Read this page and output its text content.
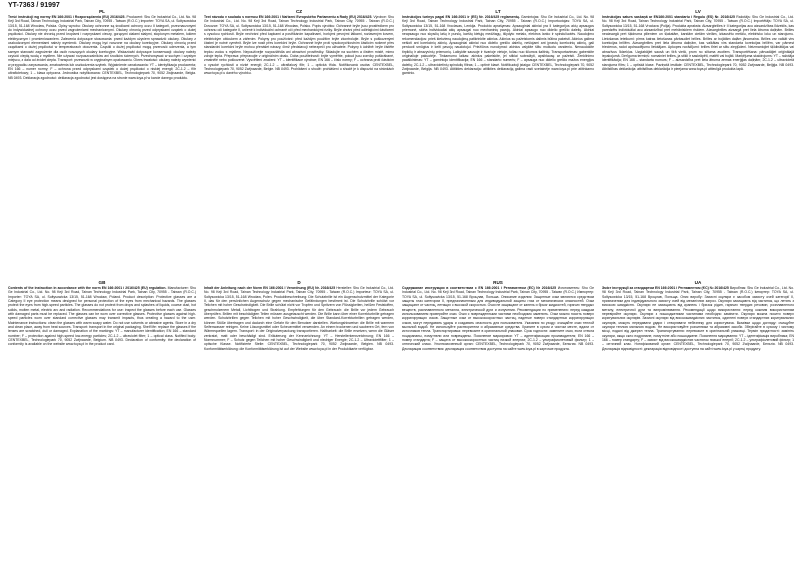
YT-7363 / 91997
PL
Treść instrukcji wg normy EN 166:2001 i Rozporządzenia (EU) 2016/425. Producent: Shu Ge Industrial Co., Ltd. No. 98 Keji 3rd Road, Tainan Technology Industrial Park, Tainan City, 70955 - Taiwan (R.O.C.) Importer: TOYA SA, ul. Sołtysowicka 13/15, 51-168 Wrocław, Polska. Opisy wyrobu: Okulary ochronne są środkami ochrony oczu II kategorii, przeznaczonymi do indywidualnej ochrony oczu przed zagrożeniami mechanicznymi. Okulary chronią przed odpryskami cząstek o dużej prędkości. Okulary nie chronią przed kroplami i rozpryskami cieczy, gorącymi ciałami stałymi, stopionym metalem, łukiem elektrycznym i promieniowaniem. Zalecenia dotyczące stosowania: przed każdym użyciem sprawdzić okulary. Okulary z uszkodzonymi elementami należy wymienić. Okulary mogą być noszone na okulary korekcyjne. Okulary chronią przed cząstkami o dużej prędkości w temperaturach otoczenia. Cząstki o dużej prędkości mogą przenosić uderzenia, a tym samym stanowić zagrożenie dla osób noszących okulary korekcyjne. Wskazówki dotyczące konserwacji: okulary należy czyścić ciepłą wodą z mydłem. Nie używać rozpuszczalników ani środków ściernych. Przechowywać w suchym i czystym miejscu, z dala od źródeł ciepła. Transport: przewozić w oryginalnym opakowaniu. Okres trwałości: okulary należy wymienić w przypadku zarysowania, zmatowienia lub uszkodzenia szybek. Wyjaśnienie oznakowania: YT – identyfikacja producenta; EN 166 – numer normy; F – ochrona przed odpryskami cząstek o dużej prędkości o niskiej energii; 2C-1.2 – filtr ultrafioletowy; 1 – klasa optyczna. Jednostka notyfikowana: CENTEXBEL, Technologiepark 70, 9052 Zwijnaarde, Belgia. NB 0493. Deklaracja zgodności: deklaracja zgodności jest dostępna na stronie www.toya.pl w karcie danego produktu.
CZ
Text návodu v souladu s normou EN 166:2001 i Nařízení Evropského Parlamentu a Rady (EU) 2016/425. Výrobce: Shu Ge Industrial Co., Ltd. No. 98 Keji 3rd Road, Tainan Technology Industrial Park, Tainan City, 70955 - Taiwan (R.O.C.) Dovozce: TOYA SA, ul. Sołtysowicka 13/15, 51-168 Wrocław, Polsko. Popis výrobku: Ochranné brýle jsou prostředkem pro ochranu očí kategorie II, určené k individuální ochraně očí před mechanickými riziky. Brýle chrání před odlétajícími částicemi s vysokou rychlostí. Brýle nechrání před kapkami a postříkáním kapalinami, horkými pevnými látkami, roztaveným kovem, elektrickým obloukem a zářením. Pokyny pro používání: před každým použitím brýle zkontrolujte. Brýle s poškozenými částmi je nutné vyměnit. Brýle lze nosit přes korekční brýle. Ochranné brýle proti vysokorychlostním částicím nošené přes standardní korekční brýle mohou přenášet nárazy, čímž představují nebezpečí pro uživatele. Pokyny k údržbě: brýle čistěte teplou vodou s mýdlem. Nepoužívejte rozpouštědla ani abrazivní prostředky. Skladujte na suchém a čistém místě, mimo zdroje tepla. Přeprava: přepravujte v originálním obalu. Doba použitelnosti: brýle vyměňte, pokud jsou zorníky poškrábané, zmatnělé nebo poškozené. Vysvětlení značení: YT – identifikace výrobce; EN 166 – číslo normy; F – ochrana proti částicím o vysoké rychlosti a nízké energii; 2C-1.2 – ultrafialový filtr; 1 – optická třída. Notifikovaná osoba: CENTEXBEL, Technologiepark 70, 9052 Zwijnaarde, Belgie. NB 0493. Prohlášení o shodě: prohlášení o shodě je k dispozici na stránkách www.toya.pl u daného výrobku.
LT
Instrukcijos turinys pagal EN 166:2001 ir (ES) Nr. 2016/425 reglamentą. Gamintojas: Shu Ge Industrial Co., Ltd. No. 98 Keji 3rd Road, Tainan Technology Industrial Park, Tainan City, 70955 - Taiwan (R.O.C.) Importuotojas: TOYA SA, ul. Sołtysowicka 13/15, 51-168 Vroclavas, Lenkija. Produkto aprašymas: Apsauginiai akiniai yra II kategorijos akių apsaugos priemonė, skirta individualiai akių apsaugai nuo mechaninių pavojų. Akiniai apsaugo nuo didelio greičio dalelių. Akiniai neapsaugo nuo skysčių lašų ir purslų, karštų kietųjų medžiagų, išlydyto metalo, elektros lanko ir spinduliuotės. Naudojimo rekomendacijos: prieš kiekvieną naudojimą patikrinkite akinius. Akinius su pažeistomis dalimis būtina pakeisti. Akinius galima nešioti ant korekcinių akinių. Apsauginiai akiniai nuo didelio greičio dalelių, nešiojami ant įprastų korekcinių akinių, gali perduoti smūgius ir kelti pavojų naudotojui. Priežiūros nurodymai: akinius valykite šiltu muiluotu vandeniu. Nenaudokite tirpiklių ir abrazyvinių priemonių. Laikykite sausoje ir švarioje vietoje, toliau nuo šilumos šaltinių. Transportavimas: gabenkite originalioje pakuotėje. Tinkamumo laikas: akinius pakeiskite, jei stiklai subraižyti, apsiblausę ar pažeisti. Ženklinimo paaiškinimas: YT – gamintojo identifikacija; EN 166 – standarto numeris; F – apsauga nuo didelio greičio mažos energijos dalelių; 2C-1.2 – ultravioletinių spindulių filtras; 1 – optinė klasė. Notifikuotoji įstaiga: CENTEXBEL, Technologiepark 70, 9052 Zwijnaarde, Belgija. NB 0493. Atitikties deklaracija: atitikties deklaraciją galima rasti svetainėje www.toya.pl prie atitinkamo gaminio.
LV
Instrukcijas saturs saskaņā ar EN166:2001 standartu i Regulu (ES) Nr. 2016/425 Ražotājs: Shu Ge Industrial Co., Ltd. No. 98 Keji 3rd Road, Tainan Technology Industrial Park, Tainan City, 70955 - Taiwan (R.O.C.) Importētājs: TOYA SA, ul. Sołtysowicka 13/15, 51-168 Vroclava (Polija). Produkta apraksts: Aizsargbrilles ir II kategorijas acu aizsardzības līdzeklis, kas paredzēts individuālai acu aizsardzībai pret mehāniskiem riskiem. Aizsargbrilles aizsargā pret liela ātruma daļiņām. Brilles neaizsargā pret šķidruma pilieniem un šļakatām, karstām cietām vielām, izkausētu metālu, elektrisko loku un starojumu. Lietošanas ieteikumi: pirms katras lietošanas pārbaudiet brilles. Brilles ar bojātām daļām jānomaina. Brilles var valkāt virs korekcijas brillēm. Aizsargbrilles pret liela ātruma daļiņām, kas valkātas virs standarta korekcijas brillēm, var pārnest triecienus, radot apdraudējumu lietotājam. Apkopes norādījumi: brilles tīriet ar siltu ziepjūdeni. Neizmantojiet šķīdinātājus vai abrazīvus līdzekļus. Uzglabājiet sausā un tīrā vietā, prom no siltuma avotiem. Transportēšana: pārvadājiet oriģinālajā iepakojumā. Derīguma termiņš: nomainiet brilles, ja stikli ir saskrāpēti, matēti vai bojāti. Marķējuma skaidrojums: YT – ražotāja identifikācija; EN 166 – standarta numurs; F – aizsardzība pret liela ātruma zemas enerģijas daļiņām; 2C-1.2 – ultravioletā starojuma filtrs; 1 – optiskā klase. Paziņotā iestāde: CENTEXBEL, Technologiepark 70, 9052 Zwijnaarde, Beļģija. NB 0493. Atbilstības deklarācija: atbilstības deklarācija ir pieejama www.toya.pl attiecīgā produkta lapā.
GB
Contents of the instruction in accordance with the norm EN 166:2001 i 2016/425 (EU) regulation. Manufacturer: Shu Ge Industrial Co., Ltd. No. 98 Keji 3rd Road, Tainan Technology Industrial Park, Tainan City, 70955 - Taiwan (R.O.C.) Importer: TOYA SA, ul. Sołtysowicka 13/15, 51-168 Wrocław, Poland. Product description: Protective glasses are a Category II eye protection means designed for personal protection of the eyes from mechanical hazards. The glasses protect the eyes from high-speed particles. The glasses do not protect from drops and splashes of liquids, coarse dust, hot solids, molten metal, electric arc and radiation. Recommendations for use: inspect the glasses before each use. Glasses with damaged parts must be replaced. The glasses can be worn over corrective glasses. Protective glasses against high-speed particles worn over standard corrective glasses may transmit impacts, thus creating a hazard to the user. Maintenance instructions: clean the glasses with warm soapy water. Do not use solvents or abrasive agents. Store in a dry and clean place, away from heat sources. Transport: transport in the original packaging. Shelf life: replace the glasses if the lenses are scratched, dull or damaged. Explanation of the markings: YT – manufacturer identification; EN 166 – standard number; F – protection against high-speed low-energy particles; 2C-1.2 – ultraviolet filter; 1 – optical class. Notified body: CENTEXBEL, Technologiepark 70, 9052 Zwijnaarde, Belgium. NB 0493. Declaration of conformity: the declaration of conformity is available on the website www.toya.pl in the product card.
D
Inhalt der Anleitung nach der Norm EN 166:2001 I Verordnung (EU) Nr. 2016/425 Hersteller: Shu Ge Industrial Co., Ltd. No. 98 Keji 3rd Road, Tainan Technology Industrial Park, Tainan City, 70955 - Taiwan (R.O.C.) Importeur: TOYA SA, ul. Sołtysowicka 13/15, 51-168 Wrocław, Polen. Produktbeschreibung: Die Schutzbrille ist ein Augenschutzmittel der Kategorie II, das für den persönlichen Augenschutz gegen mechanische Gefährdungen bestimmt ist. Die Schutzbrille schützt vor Teilchen mit hoher Geschwindigkeit. Die Brille schützt nicht vor Tropfen und Spritzern von Flüssigkeiten, heißen Feststoffen, geschmolzenem Metall, Lichtbogen und Strahlung. Empfehlungen für den Gebrauch: die Brille vor jedem Gebrauch überprüfen. Brillen mit beschädigten Teilen müssen ausgetauscht werden. Die Brille kann über einer Korrekturbrille getragen werden. Schutzbrillen gegen Teilchen mit hoher Geschwindigkeit, die über Standard-Korrekturbrillen getragen werden, können Stöße übertragen und dadurch eine Gefahr für den Benutzer darstellen. Wartungshinweise: die Brille mit warmem Seifenwasser reinigen. Keine Lösungsmittel oder Scheuermittel verwenden. An einem trockenen und sauberen Ort, fern von Wärmequellen lagern. Transport: in der Originalverpackung transportieren. Haltbarkeit: die Brille ersetzen, wenn die Gläser zerkratzt, matt oder beschädigt sind. Erläuterung der Kennzeichnung: YT – Herstellerkennzeichnung; EN 166 – Normnummer; F – Schutz gegen Teilchen mit hoher Geschwindigkeit und niedriger Energie; 2C-1.2 – Ultraviolettfilter; 1 – optische Klasse. Notifizierte Stelle: CENTEXBEL, Technologiepark 70, 9052 Zwijnaarde, Belgien. NB 0493. Konformitätserklärung: die Konformitätserklärung ist auf der Website www.toya.pl in der Produktkarte verfügbar.
RUS
Содержание инструкции в соответствии с EN 166:2001 i Регламентом (ЕС) Nr 2016/425 Изготовитель: Shu Ge Industrial Co., Ltd. No. 98 Keji 3rd Road, Tainan Technology Industrial Park, Tainan City, 70955 - Taiwan (R.O.C.) Импортер: TOYA SA, ul. Sołtysowicka 13/15, 51-168 Вроцлав, Польша. Описание изделия: Защитные очки являются средством защиты глаз категории II, предназначенным для индивидуальной защиты глаз от механических опасностей. Очки защищают от частиц, летящих с высокой скоростью. Очки не защищают от капель и брызг жидкостей, горячих твердых веществ, расплавленного металла, электрической дуги и излучения. Рекомендации по применению: перед каждым использованием проверяйте очки. Очки с поврежденными частями необходимо заменить. Очки можно носить поверх корригирующих очков. Защитные очки от высокоскоростных частиц, надетые поверх стандартных корригирующих очков, могут передавать удары и создавать опасность для пользователя. Указания по уходу: очищайте очки теплой мыльной водой. Не используйте растворители и абразивные средства. Храните в сухом и чистом месте, вдали от источников тепла. Транспортировка: перевозите в оригинальной упаковке. Срок годности: замените очки, если стекла поцарапаны, помутнели или повреждены. Пояснение маркировки: YT – идентификация производителя; EN 166 – номер стандарта; F – защита от высокоскоростных частиц низкой энергии; 2C-1.2 – ультрафиолетовый фильтр; 1 – оптический класс. Уполномоченный орган: CENTEXBEL, Technologiepark 70, 9052 Zwijnaarde, Бельгия. NB 0493. Декларация соответствия: декларация соответствия доступна на сайте www.toya.pl в карточке продукта.
UA
Зміст інструкції за стандартом EN 166:2001 і Регламентом (ЄС) № 2016/425 Виробник: Shu Ge Industrial Co., Ltd. No. 98 Keji 3rd Road, Tainan Technology Industrial Park, Tainan City, 70955 - Taiwan (R.O.C.) Імпортер: TOYA SA, ul. Sołtysowicka 13/15, 51-168 Вроцлав, Польща. Опис виробу: Захисні окуляри є засобом захисту очей категорії II, призначеним для індивідуального захисту очей від механічних загроз. Окуляри захищають від частинок, що летять з високою швидкістю. Окуляри не захищають від крапель і бризок рідин, гарячих твердих речовин, розплавленого металу, електричної дуги та випромінювання. Рекомендації щодо використання: перед кожним використанням перевіряйте окуляри. Окуляри з пошкодженими частинами необхідно замінити. Окуляри можна носити поверх коригувальних окулярів. Захисні окуляри від високошвидкісних частинок, одягнені поверх стандартних коригувальних окулярів, можуть передавати удари і створювати небезпеку для користувача. Вказівки щодо догляду: очищуйте окуляри теплою мильною водою. Не використовуйте розчинники та абразивні засоби. Зберігайте в сухому і чистому місці, подалі від джерел тепла. Транспортування: перевозьте в оригінальній упаковці. Термін придатності: замініть окуляри, якщо скло подряпане, помутніле або пошкоджене. Пояснення маркування: YT – ідентифікація виробника; EN 166 – номер стандарту; F – захист від високошвидкісних частинок низької енергії; 2C-1.2 – ультрафіолетовий фільтр; 1 – оптичний клас. Нотифікований орган: CENTEXBEL, Technologiepark 70, 9052 Zwijnaarde, Бельгія. NB 0493. Декларація відповідності: декларація відповідності доступна на сайті www.toya.pl у картці продукту.
